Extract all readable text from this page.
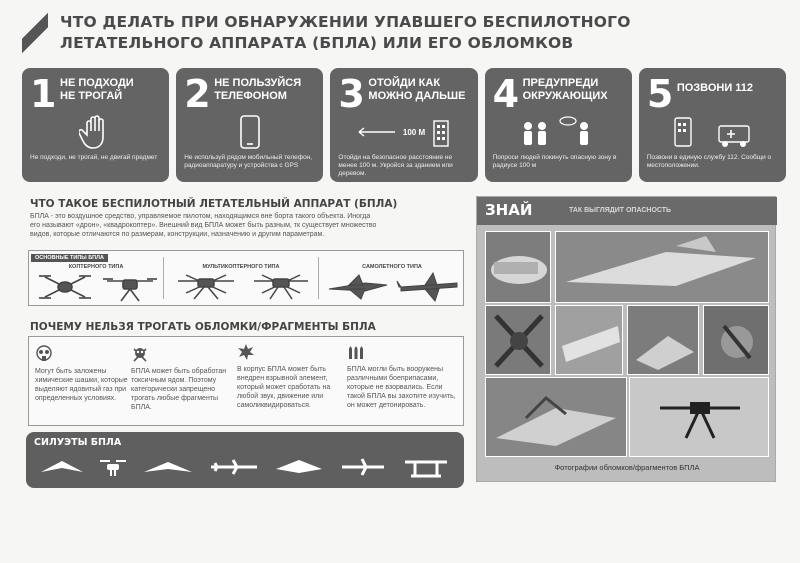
ЧТО ДЕЛАТЬ ПРИ ОБНАРУЖЕНИИ УПАВШЕГО БЕСПИЛОТНОГО
ЛЕТАТЕЛЬНОГО АППАРАТА (БПЛА) ИЛИ ЕГО ОБЛОМКОВ
1 НЕ ПОДХОДИ
НЕ ТРОГАЙ
Не подходи, не трогай, не двигай предмет
2 НЕ ПОЛЬЗУЙСЯ
ТЕЛЕФОНОМ
Не используй рядом мобильный телефон, радиоаппаратуру и устройства с GPS
3 ОТОЙДИ КАК
МОЖНО ДАЛЬШЕ
100 М
Отойди на безопасное расстояние не менее 100 м. Укройся за зданием или деревом.
4 ПРЕДУПРЕДИ
ОКРУЖАЮЩИХ
Попроси людей покинуть опасную зону в радиусе 100 м
5 ПОЗВОНИ 112
Позвони в единую службу 112. Сообщи о местоположении.
ЧТО ТАКОЕ БЕСПИЛОТНЫЙ ЛЕТАТЕЛЬНЫЙ АППАРАТ (БПЛА)
БПЛА - это воздушное средство, управляемое пилотом, находящимся вне борта такого объекта. Иногда
его называют «дрон», «квадрокоптер». Внешний вид БПЛА может быть разным, тк существует множество
видов, которые отличаются по размерам, конструкции, назначению и другим параметрам.
ОСНОВНЫЕ ТИПЫ БПЛА
КОПТЕРНОГО ТИПА	МУЛЬТИКОПТЕРНОГО ТИПА	САМОЛЕТНОГО ТИПА
ПОЧЕМУ НЕЛЬЗЯ ТРОГАТЬ ОБЛОМКИ/ФРАГМЕНТЫ БПЛА
Могут быть заложены химические шашки, которые выделяют ядовитый газ при определенных условиях.
БПЛА может быть обработан токсичным ядом. Поэтому категорически запрещено трогать любые фрагменты БПЛА.
В корпус БПЛА может быть внедрен взрывной элемент, который может сработать на любой звук, движение или самоликвидироваться.
БПЛА могли быть вооружены различными боеприпасами, которые не взорвались. Если такой БПЛА вы захотите изучить, он может детонировать.
СИЛУЭТЫ БПЛА
ЗНАЙ	ТАК ВЫГЛЯДИТ ОПАСНОСТЬ
Фотографии обломков/фрагментов БПЛА
